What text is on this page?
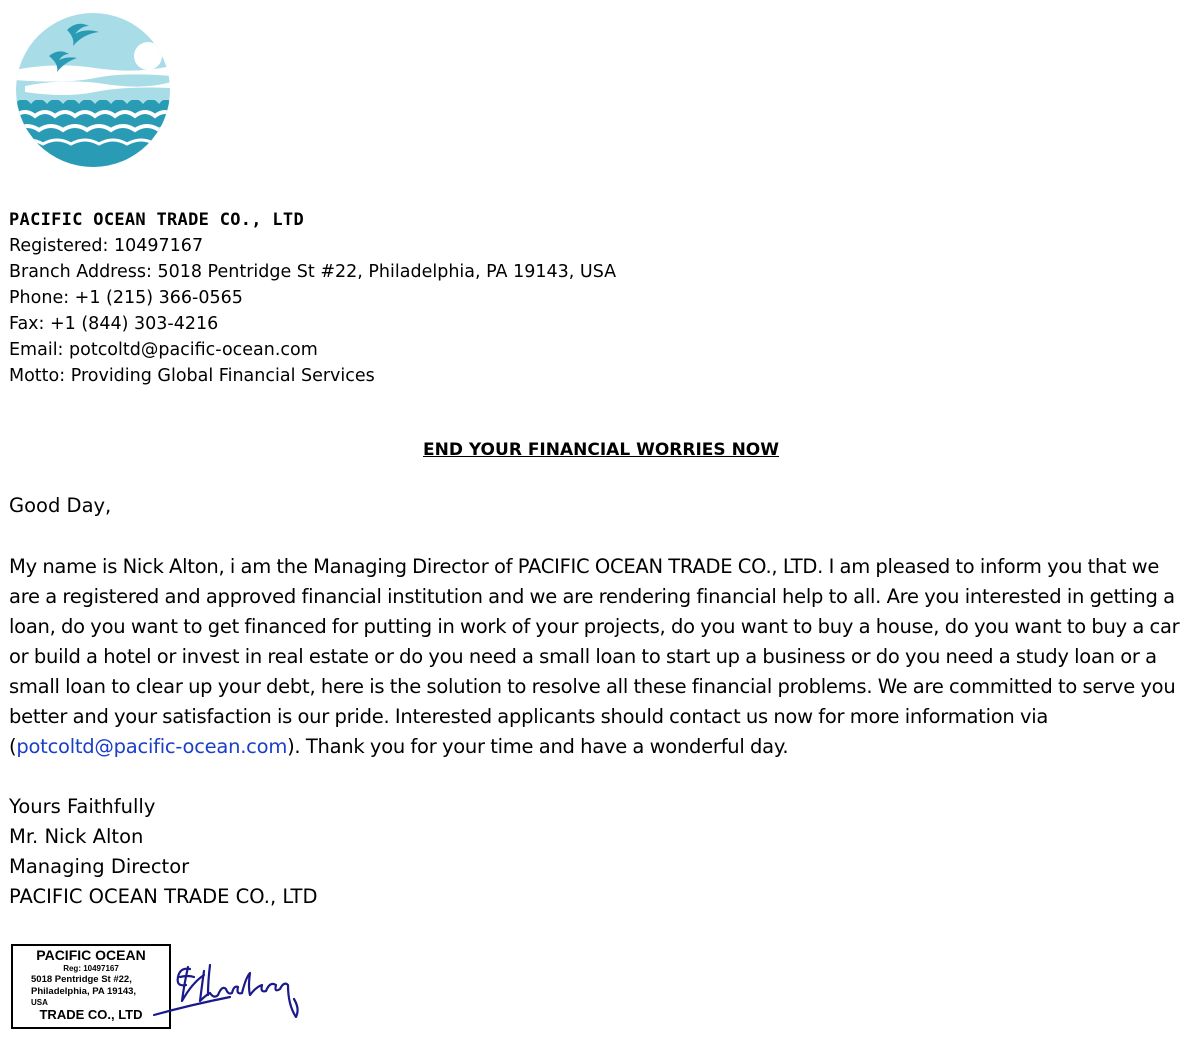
PACIFIC OCEAN TRADE CO., LTD
Registered: 10497167
Branch Address: 5018 Pentridge St #22, Philadelphia, PA 19143, USA
Phone: +1 (215) 366-0565
Fax: +1 (844) 303-4216
Email: potcoltd@pacific-ocean.com
Motto: Providing Global Financial Services
END YOUR FINANCIAL WORRIES NOW
Good Day,
My name is Nick Alton, i am the Managing Director of PACIFIC OCEAN TRADE CO., LTD. I am pleased to inform you that we are a registered and approved financial institution and we are rendering financial help to all. Are you interested in getting a loan, do you want to get financed for putting in work of your projects, do you want to buy a house, do you want to buy a car or build a hotel or invest in real estate or do you need a small loan to start up a business or do you need a study loan or a small loan to clear up your debt, here is the solution to resolve all these financial problems. We are committed to serve you better and your satisfaction is our pride. Interested applicants should contact us now for more information via (potcoltd@pacific-ocean.com). Thank you for your time and have a wonderful day.
Yours Faithfully
Mr. Nick Alton
Managing Director
PACIFIC OCEAN TRADE CO., LTD
PACIFIC OCEAN
Reg: 10497167
5018 Pentridge St #22,
Philadelphia, PA 19143,
USA
TRADE CO., LTD
